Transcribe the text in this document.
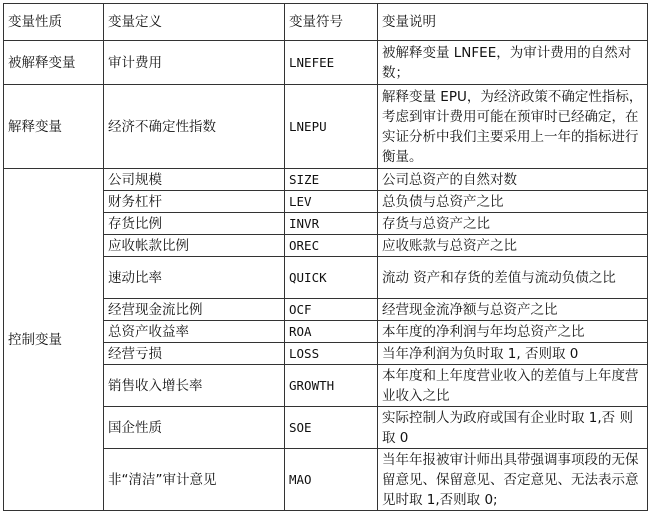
变量性质	变量定义	变量符号	变量说明
被解释变量	审计费用	LNEFEE	被解释变量 LNFEE，为审计费用的自然对数；
解释变量	经济不确定性指数	LNEPU	解释变量 EPU，为经济政策不确定性指标，考虑到审计费用可能在预审时已经确定，在实证分析中我们主要采用上一年的指标进行衡量。
控制变量	公司规模	SIZE	公司总资产的自然对数
	财务杠杆	LEV	总负债与总资产之比
	存货比例	INVR	存货与总资产之比
	应收帐款比例	OREC	应收账款与总资产之比
	速动比率	QUICK	流动 资产和存货的差值与流动负债之比
	经营现金流比例	OCF	经营现金流净额与总资产之比
	总资产收益率	ROA	本年度的净利润与年均总资产之比
	经营亏损	LOSS	当年净利润为负时取 1, 否则取 0
	销售收入增长率	GROWTH	本年度和上年度营业收入的差值与上年度营业收入之比
	国企性质	SOE	实际控制人为政府或国有企业时取 1,否 则取 0
	非“清洁”审计意见	MAO	当年年报被审计师出具带强调事项段的无保留意见、保留意见、否定意见、无法表示意见时取 1,否则取 0;
